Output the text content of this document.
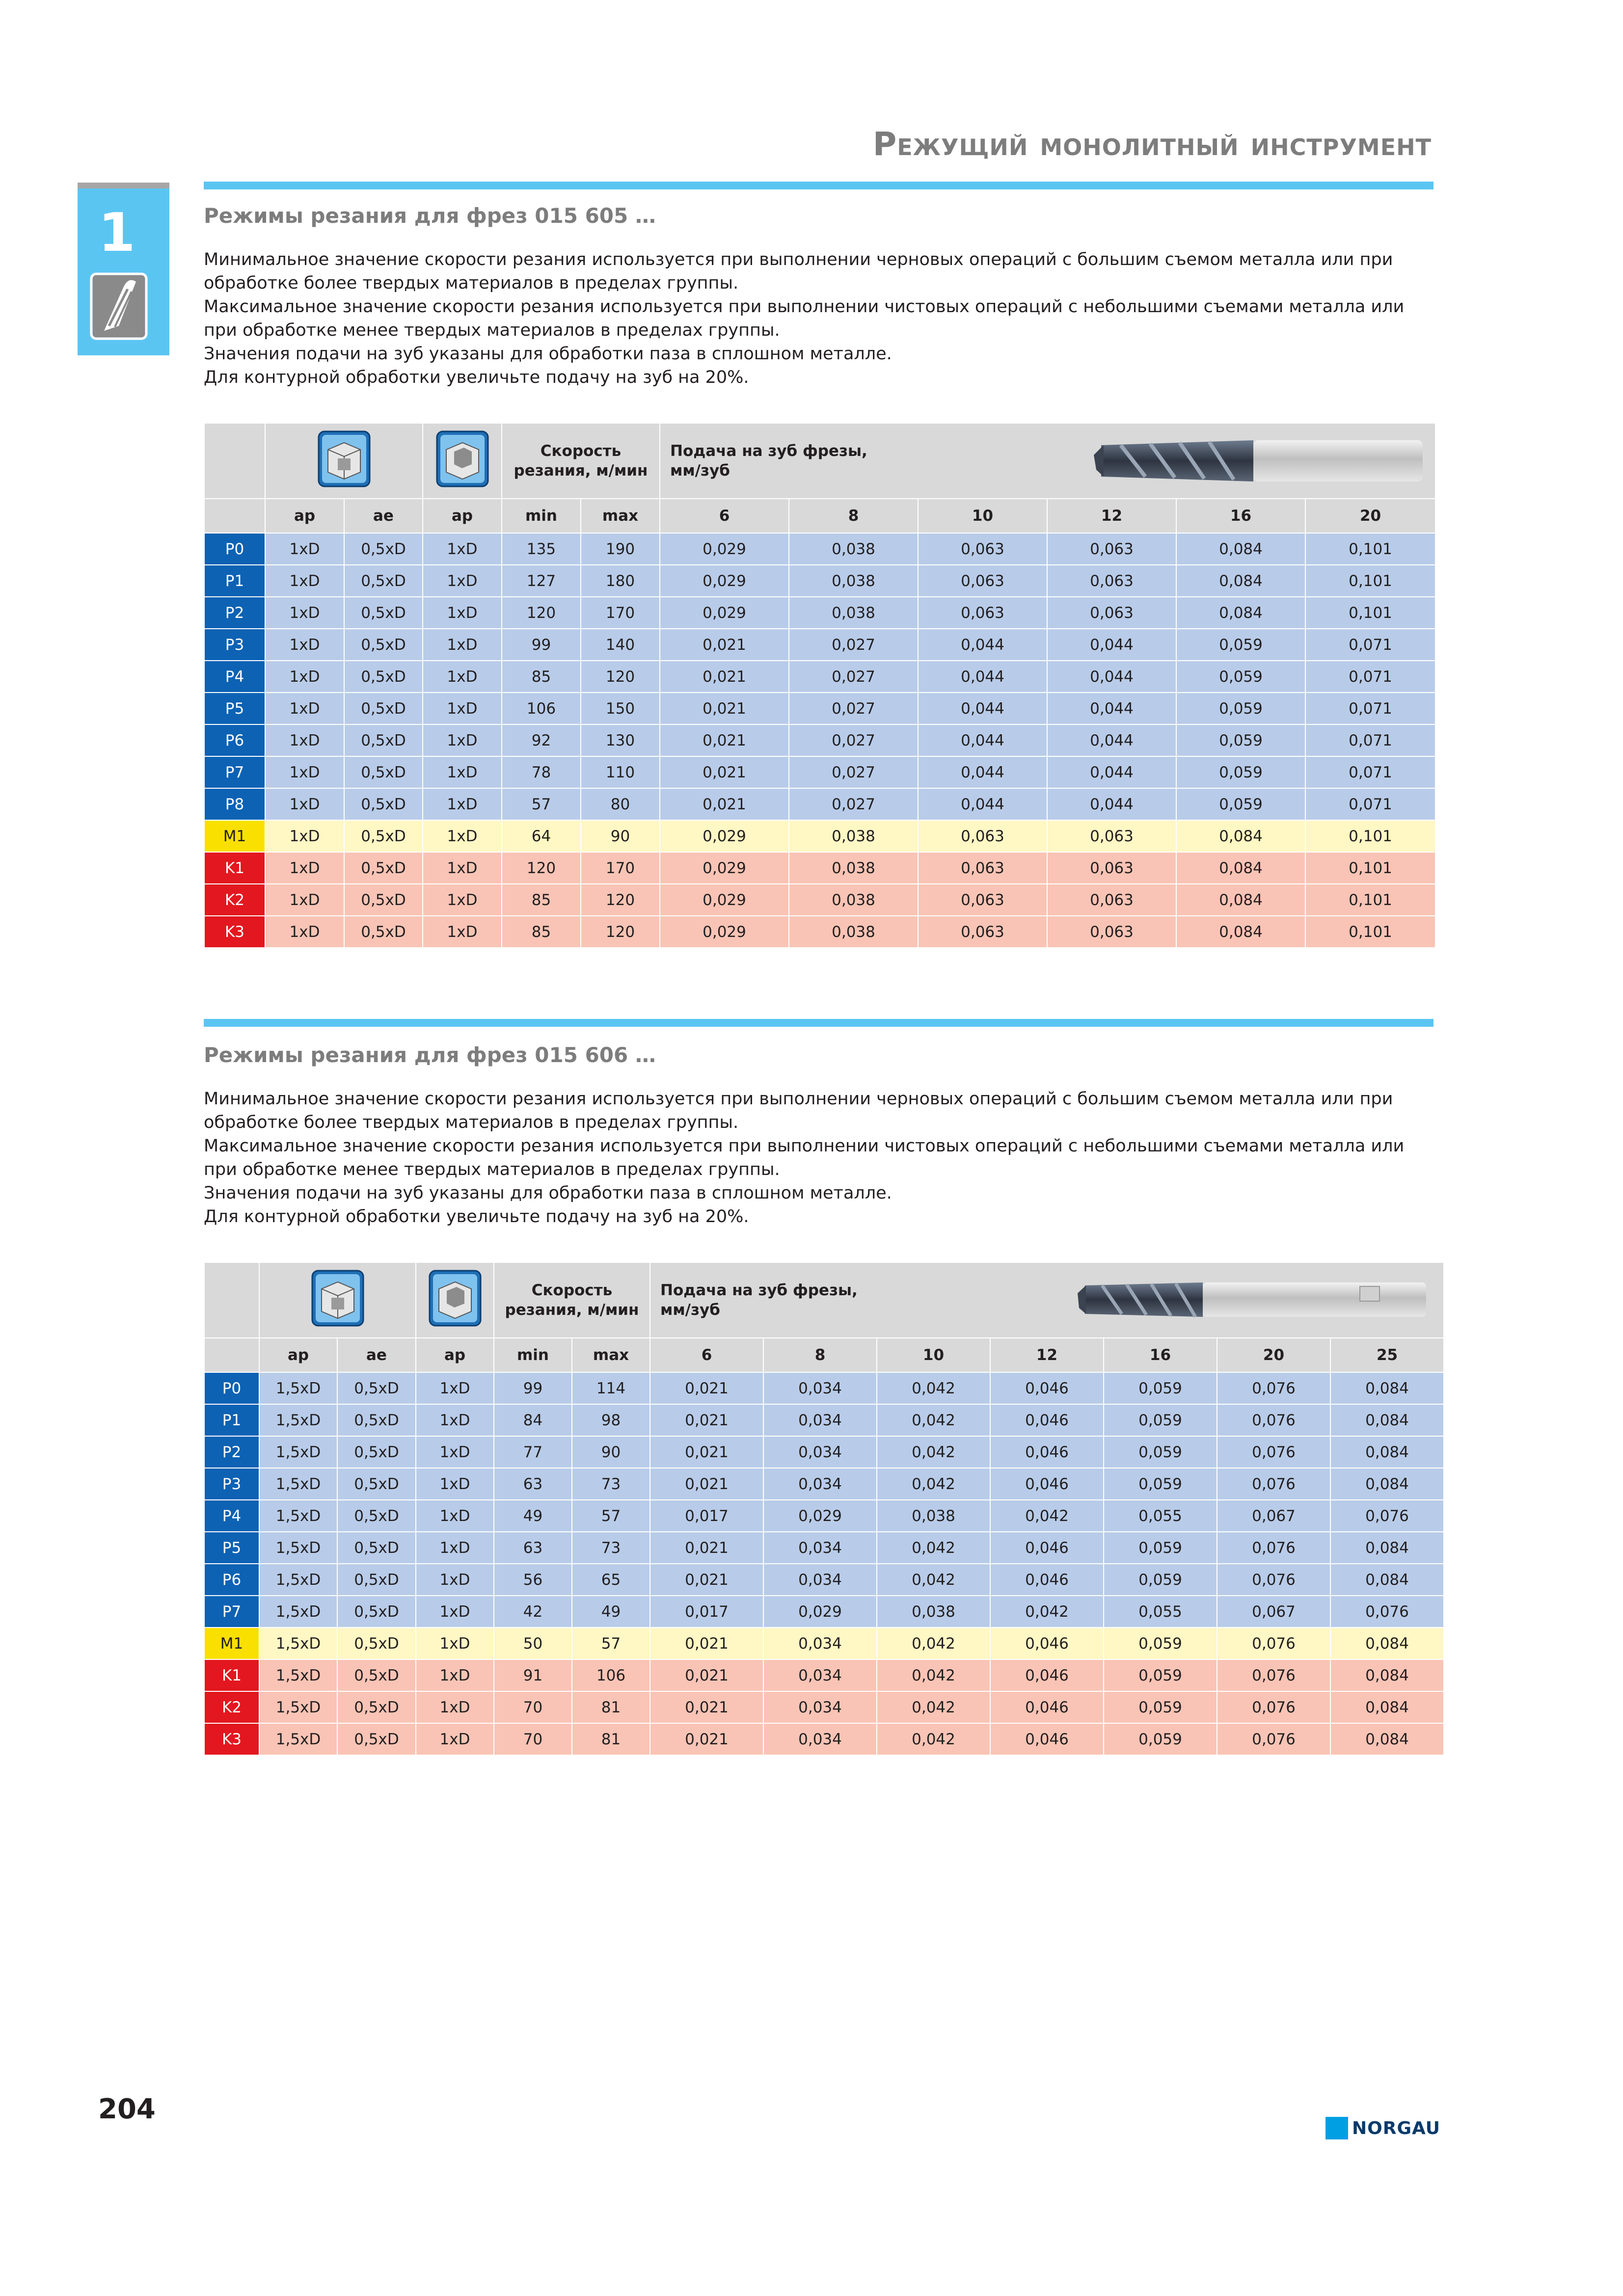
Режущий монолитный инструмент
1	Режимы резания для фрез 015 605 …

Минимальное значение скорости резания используется при выполнении черновых операций с большим съемом металла или при обработке более твердых материалов в пределах группы.

Максимальное значение скорости резания используется при выполнении чистовых операций с небольшими съемами металла или при обработке менее твердых материалов в пределах группы.

Значения подачи на зуб указаны для обработки паза в сплошном металле.

Для контурной обработки увеличьте подачу на зуб на 20%.

			Скорость резания, м/мин		Подача на зуб фрезы, мм/зуб					

	ap	ae	ap	min	max	6	8	10	12	16	20
P0	1xD	0,5xD	1xD	135	190	0,029	0,038	0,063	0,063	0,084	0,101
P1	1xD	0,5xD	1xD	127	180	0,029	0,038	0,063	0,063	0,084	0,101
P2	1xD	0,5xD	1xD	120	170	0,029	0,038	0,063	0,063	0,084	0,101
P3	1xD	0,5xD	1xD	99	140	0,021	0,027	0,044	0,044	0,059	0,071
P4	1xD	0,5xD	1xD	85	120	0,021	0,027	0,044	0,044	0,059	0,071
P5	1xD	0,5xD	1xD	106	150	0,021	0,027	0,044	0,044	0,059	0,071
P6	1xD	0,5xD	1xD	92	130	0,021	0,027	0,044	0,044	0,059	0,071
P7	1xD	0,5xD	1xD	78	110	0,021	0,027	0,044	0,044	0,059	0,071
P8	1xD	0,5xD	1xD	57	80	0,021	0,027	0,044	0,044	0,059	0,071
M1	1xD	0,5xD	1xD	64	90	0,029	0,038	0,063	0,063	0,084	0,101
K1	1xD	0,5xD	1xD	120	170	0,029	0,038	0,063	0,063	0,084	0,101
K2	1xD	0,5xD	1xD	85	120	0,029	0,038	0,063	0,063	0,084	0,101
K3	1xD	0,5xD	1xD	85	120	0,029	0,038	0,063	0,063	0,084	0,101
Режимы резания для фрез 015 606 …

Минимальное значение скорости резания используется при выполнении черновых операций с большим съемом металла или при обработке более твердых материалов в пределах группы.

Максимальное значение скорости резания используется при выполнении чистовых операций с небольшими съемами металла или при обработке менее твердых материалов в пределах группы.

Значения подачи на зуб указаны для обработки паза в сплошном металле.

Для контурной обработки увеличьте подачу на зуб на 20%.

			Скорость резания, м/мин		Подача на зуб фрезы, мм/зуб						

	ap	ae	ap	min	max	6	8	10	12	16	20	25
P0	1,5xD	0,5xD	1xD	99	114	0,021	0,034	0,042	0,046	0,059	0,076	0,084
P1	1,5xD	0,5xD	1xD	84	98	0,021	0,034	0,042	0,046	0,059	0,076	0,084
P2	1,5xD	0,5xD	1xD	77	90	0,021	0,034	0,042	0,046	0,059	0,076	0,084
P3	1,5xD	0,5xD	1xD	63	73	0,021	0,034	0,042	0,046	0,059	0,076	0,084
P4	1,5xD	0,5xD	1xD	49	57	0,017	0,029	0,038	0,042	0,055	0,067	0,076
P5	1,5xD	0,5xD	1xD	63	73	0,021	0,034	0,042	0,046	0,059	0,076	0,084
P6	1,5xD	0,5xD	1xD	56	65	0,021	0,034	0,042	0,046	0,059	0,076	0,084
P7	1,5xD	0,5xD	1xD	42	49	0,017	0,029	0,038	0,042	0,055	0,067	0,076
M1	1,5xD	0,5xD	1xD	50	57	0,021	0,034	0,042	0,046	0,059	0,076	0,084
K1	1,5xD	0,5xD	1xD	91	106	0,021	0,034	0,042	0,046	0,059	0,076	0,084
K2	1,5xD	0,5xD	1xD	70	81	0,021	0,034	0,042	0,046	0,059	0,076	0,084
K3	1,5xD	0,5xD	1xD	70	81	0,021	0,034	0,042	0,046	0,059	0,076	0,084
204
NORGAU
